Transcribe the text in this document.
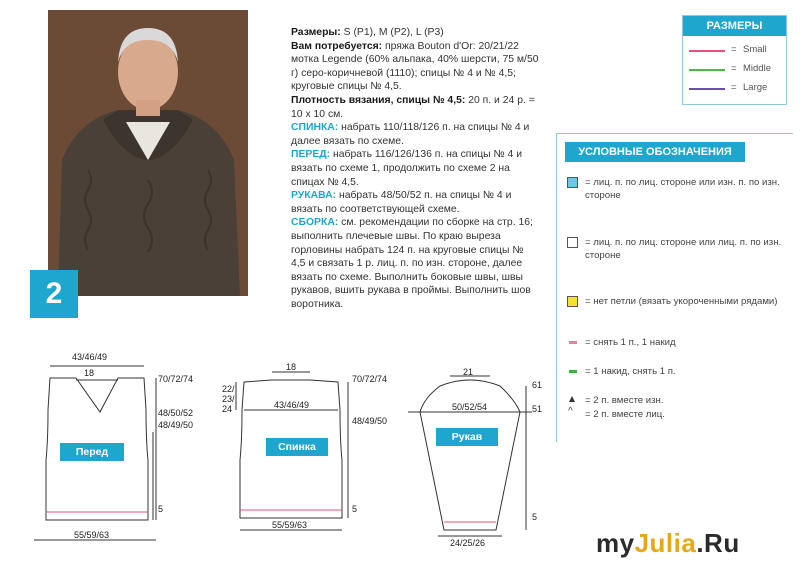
2

Размеры: S (Р1), M (Р2), L (Р3)

Вам потребуется: пряжа Bouton d'Or: 20/21/22 мотка Legende (60% альпака, 40% шерсти, 75 м/50 г) серо-коричневой (1110); спицы № 4 и № 4,5; круговые спицы № 4,5.

Плотность вязания, спицы № 4,5: 20 п. и 24 р. = 10 х 10 см.

СПИНКА: набрать 110/118/126 п. на спицы № 4 и далее вязать по схеме.

ПЕРЕД: набрать 116/126/136 п. на спицы № 4 и вязать по схеме 1, продолжить по схеме 2 на спицах № 4,5.

РУКАВА: набрать 48/50/52 п. на спицы № 4 и вязать по соответствующей схеме.

СБОРКА: см. рекомендации по сборке на стр. 16; выполнить плечевые швы. По краю выреза горловины набрать 124 п. на круговые спицы № 4,5 и связать 1 р. лиц. п. по изн. стороне, далее вязать по схеме. Выполнить боковые швы, швы рукавов, вшить рукава в проймы. Выполнить шов воротника.

РАЗМЕРЫ
= Small
= Middle
= Large
УСЛОВНЫЕ ОБОЗНАЧЕНИЯ
= лиц. п. по лиц. стороне или изн. п. по изн. стороне
= лиц. п. по лиц. стороне или лиц. п. по изн. стороне
= нет петли (вязать укороченными рядами)
= снять 1 п., 1 накид
= 1 накид, снять 1 п.
= 2 п. вместе изн.
^	= 2 п. вместе лиц.
43/46/49
18
70/72/74
48/50/52
48/49/50
5
55/59/63
Перед
18
22/
23/
24	43/46/49
70/72/74
48/49/50
5
55/59/63
Спинка
21
50/52/54
61
51
5
24/25/26
Рукав
myJulia.Ru
